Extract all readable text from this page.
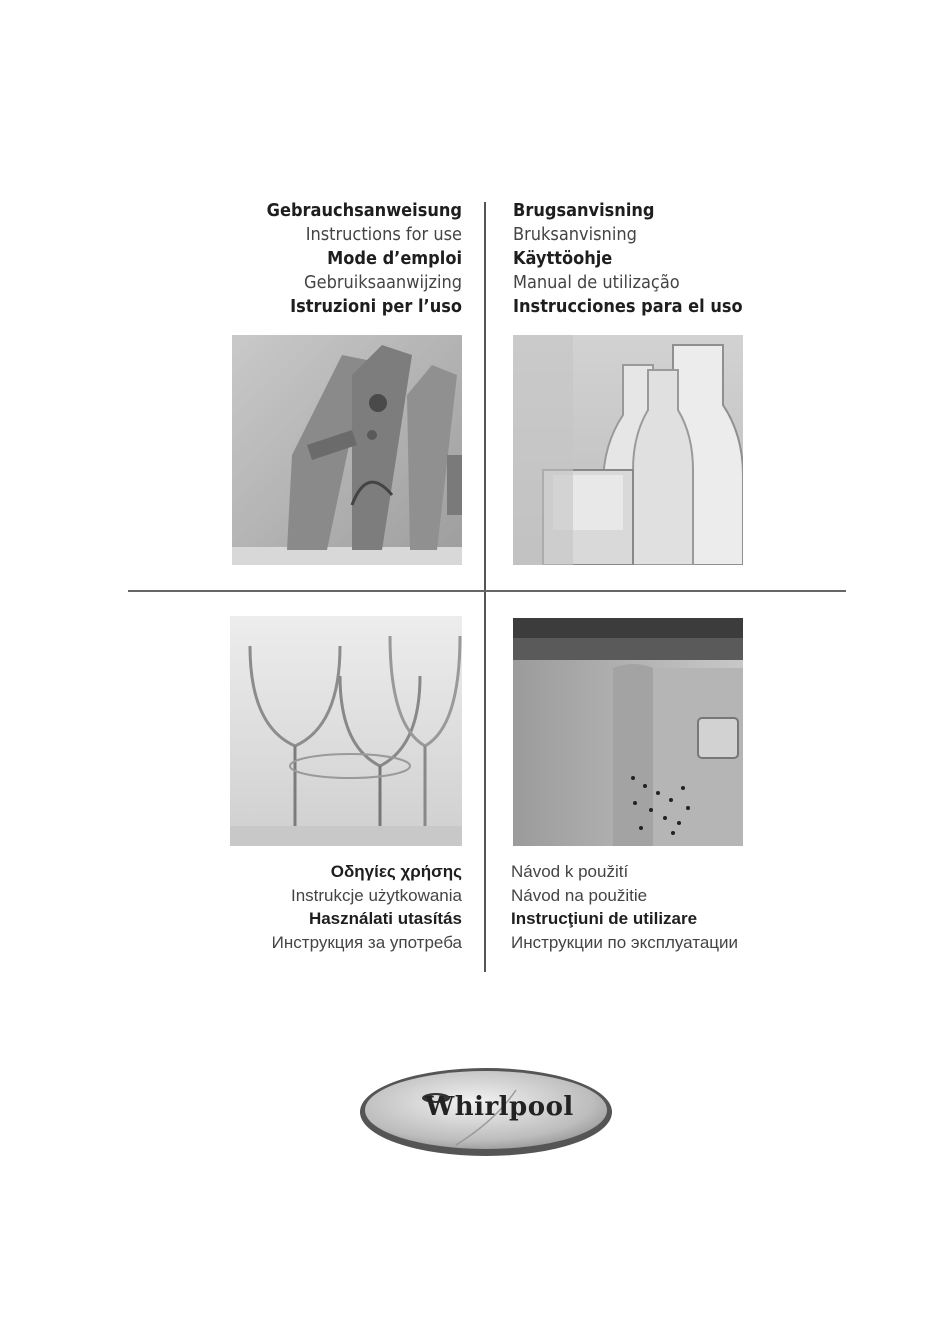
Gebrauchsanweisung
Instructions for use
Mode d’emploi
Gebruiksaanwijzing
Istruzioni per l’uso
Brugsanvisning
Bruksanvisning
Käyttöohje
Manual de utilização
Instrucciones para el uso
Οδηγίες χρήσης
Instrukcje użytkowania
Használati utasítás
Инструкция за употреба
Návod k použití
Návod na použitie
Instrucţiuni de utilizare
Инструкции по эксплуатации
Whirlpool
